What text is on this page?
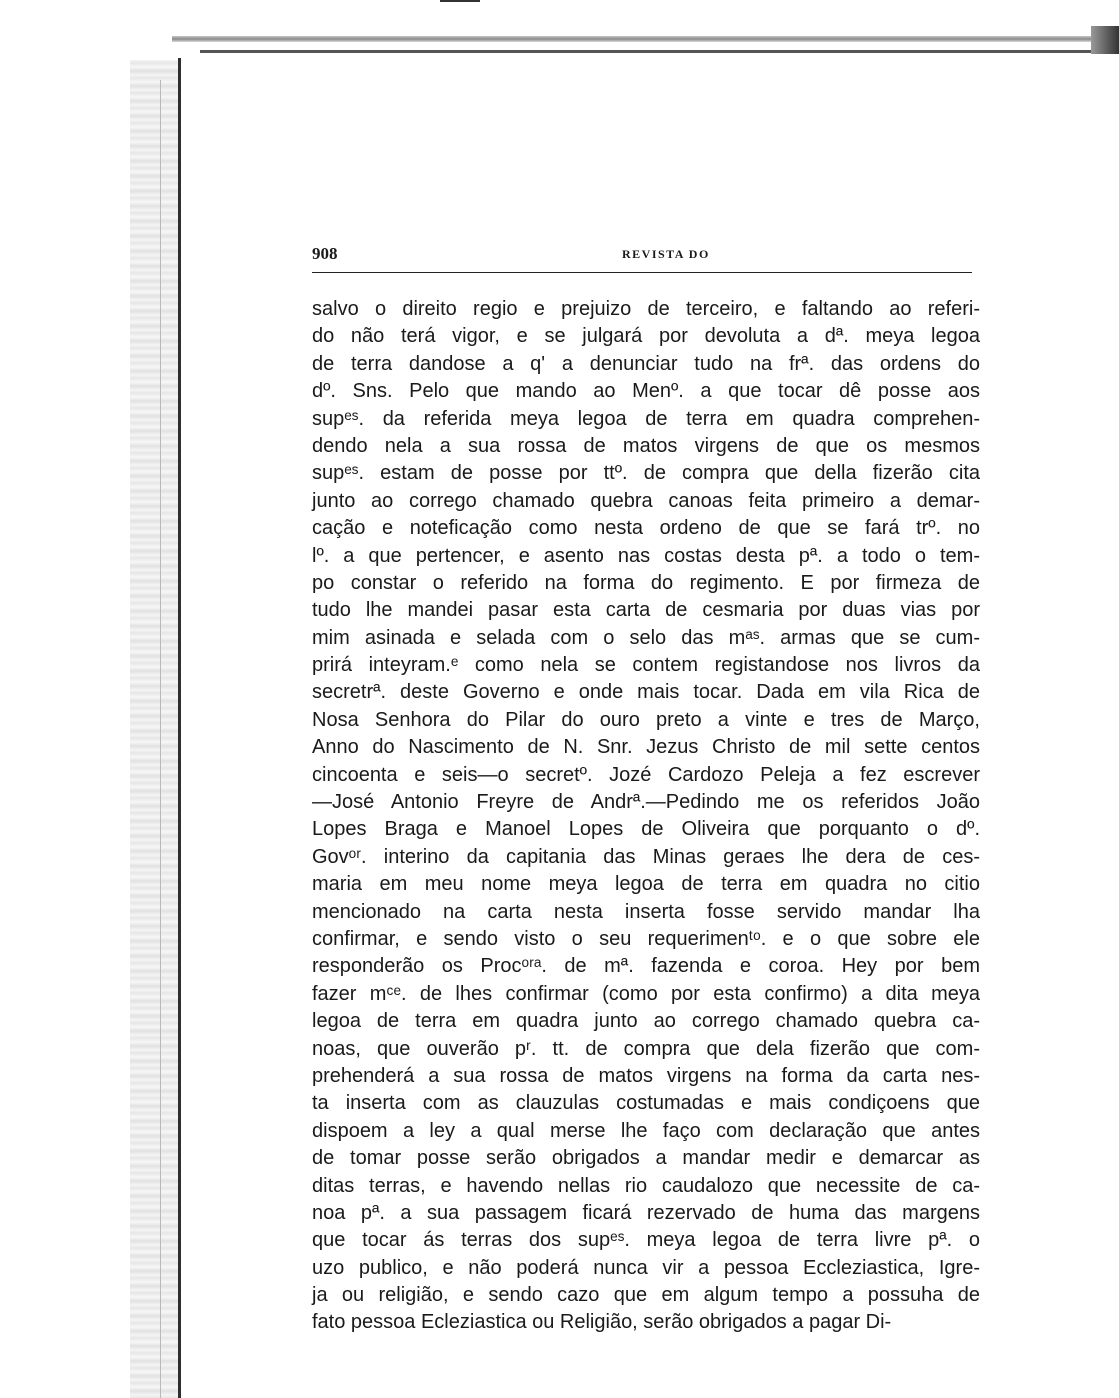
908	REVISTA DO
salvo o direito regio e prejuizo de terceiro, e faltando ao referi-
do não terá vigor, e se julgará por devoluta a dª. meya legoa
de terra dandose a q' a denunciar tudo na frª. das ordens do
dº. Sns. Pelo que mando ao Menº. a que tocar dê posse aos
supᵉˢ. da referida meya legoa de terra em quadra comprehen-
dendo nela a sua rossa de matos virgens de que os mesmos
supᵉˢ. estam de posse por ttº. de compra que della fizerão cita
junto ao corrego chamado quebra canoas feita primeiro a demar-
cação e noteficação como nesta ordeno de que se fará trº. no
lº. a que pertencer, e asento nas costas desta pª. a todo o tem-
po constar o referido na forma do regimento. E por firmeza de
tudo lhe mandei pasar esta carta de cesmaria por duas vias por
mim asinada e selada com o selo das mᵃˢ. armas que se cum-
prirá inteyram.ᵉ como nela se contem registandose nos livros da
secretrª. deste Governo e onde mais tocar. Dada em vila Rica de
Nosa Senhora do Pilar do ouro preto a vinte e tres de Março,
Anno do Nascimento de N. Snr. Jezus Christo de mil sette centos
cincoenta e seis—o secretº. Jozé Cardozo Peleja a fez escrever
—José Antonio Freyre de Andrª.—Pedindo me os referidos João
Lopes Braga e Manoel Lopes de Oliveira que porquanto o dº.
Govᵒʳ. interino da capitania das Minas geraes lhe dera de ces-
maria em meu nome meya legoa de terra em quadra no citio
mencionado na carta nesta inserta fosse servido mandar lha
confirmar, e sendo visto o seu requerimenᵗᵒ. e o que sobre ele
responderão os Procᵒʳᵃ. de mª. fazenda e coroa. Hey por bem
fazer mᶜᵉ. de lhes confirmar (como por esta confirmo) a dita meya
legoa de terra em quadra junto ao corrego chamado quebra ca-
noas, que ouverão pʳ. tt. de compra que dela fizerão que com-
prehenderá a sua rossa de matos virgens na forma da carta nes-
ta inserta com as clauzulas costumadas e mais condiçoens que
dispoem a ley a qual merse lhe faço com declaração que antes
de tomar posse serão obrigados a mandar medir e demarcar as
ditas terras, e havendo nellas rio caudalozo que necessite de ca-
noa pª. a sua passagem ficará rezervado de huma das margens
que tocar ás terras dos supᵉˢ. meya legoa de terra livre pª. o
uzo publico, e não poderá nunca vir a pessoa Eccleziastica, Igre-
ja ou religião, e sendo cazo que em algum tempo a possuha de
fato pessoa Ecleziastica ou Religião, serão obrigados a pagar Di-
